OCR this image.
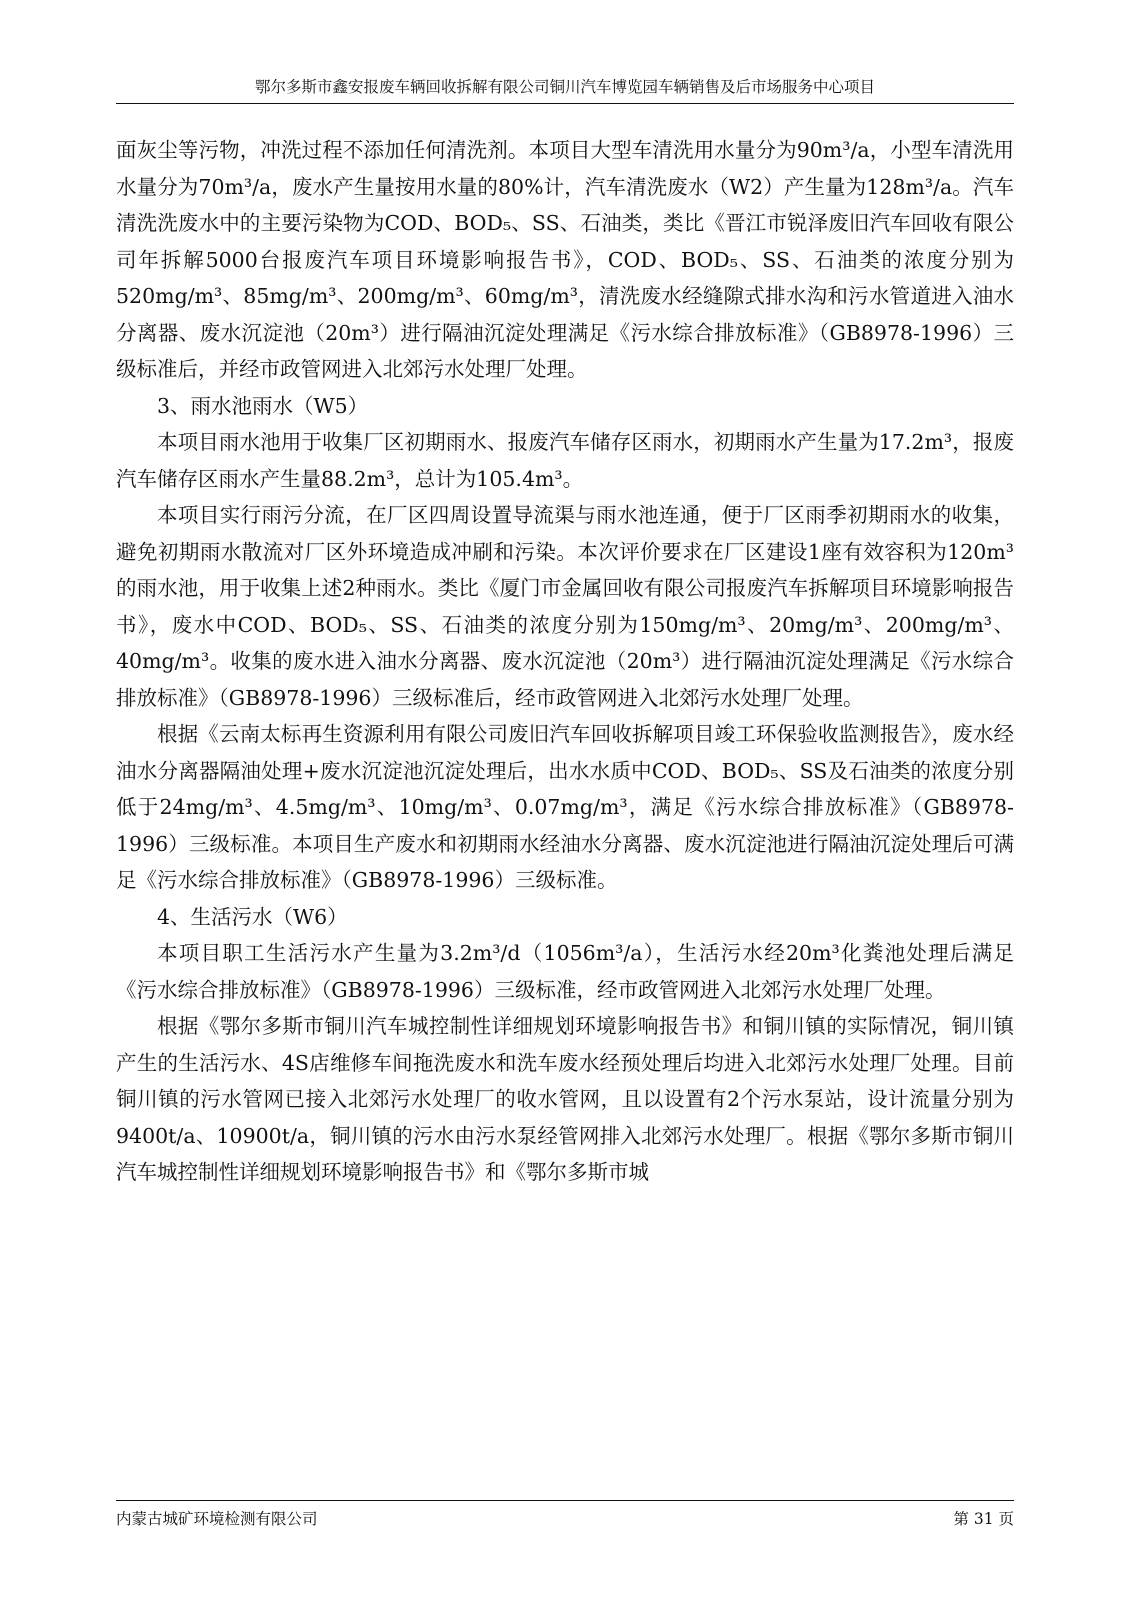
鄂尔多斯市鑫安报废车辆回收拆解有限公司铜川汽车博览园车辆销售及后市场服务中心项目

面灰尘等污物，冲洗过程不添加任何清洗剂。本项目大型车清洗用水量分为90m³/a，小型车清洗用水量分为70m³/a，废水产生量按用水量的80%计，汽车清洗废水（W2）产生量为128m³/a。汽车清洗洗废水中的主要污染物为COD、BOD₅、SS、石油类，类比《晋江市锐泽废旧汽车回收有限公司年拆解5000台报废汽车项目环境影响报告书》，COD、BOD₅、SS、石油类的浓度分别为520mg/m³、85mg/m³、200mg/m³、60mg/m³，清洗废水经缝隙式排水沟和污水管道进入油水分离器、废水沉淀池（20m³）进行隔油沉淀处理满足《污水综合排放标准》（GB8978-1996）三级标准后，并经市政管网进入北郊污水处理厂处理。

3、雨水池雨水（W5）

本项目雨水池用于收集厂区初期雨水、报废汽车储存区雨水，初期雨水产生量为17.2m³，报废汽车储存区雨水产生量88.2m³，总计为105.4m³。

本项目实行雨污分流，在厂区四周设置导流渠与雨水池连通，便于厂区雨季初期雨水的收集，避免初期雨水散流对厂区外环境造成冲刷和污染。本次评价要求在厂区建设1座有效容积为120m³的雨水池，用于收集上述2种雨水。类比《厦门市金属回收有限公司报废汽车拆解项目环境影响报告书》，废水中COD、BOD₅、SS、石油类的浓度分别为150mg/m³、20mg/m³、200mg/m³、40mg/m³。收集的废水进入油水分离器、废水沉淀池（20m³）进行隔油沉淀处理满足《污水综合排放标准》（GB8978-1996）三级标准后，经市政管网进入北郊污水处理厂处理。

根据《云南太标再生资源利用有限公司废旧汽车回收拆解项目竣工环保验收监测报告》，废水经油水分离器隔油处理+废水沉淀池沉淀处理后，出水水质中COD、BOD₅、SS及石油类的浓度分别低于24mg/m³、4.5mg/m³、10mg/m³、0.07mg/m³，满足《污水综合排放标准》（GB8978-1996）三级标准。本项目生产废水和初期雨水经油水分离器、废水沉淀池进行隔油沉淀处理后可满足《污水综合排放标准》（GB8978-1996）三级标准。

4、生活污水（W6）

本项目职工生活污水产生量为3.2m³/d（1056m³/a），生活污水经20m³化粪池处理后满足《污水综合排放标准》（GB8978-1996）三级标准，经市政管网进入北郊污水处理厂处理。

根据《鄂尔多斯市铜川汽车城控制性详细规划环境影响报告书》和铜川镇的实际情况，铜川镇产生的生活污水、4S店维修车间拖洗废水和洗车废水经预处理后均进入北郊污水处理厂处理。目前铜川镇的污水管网已接入北郊污水处理厂的收水管网，且以设置有2个污水泵站，设计流量分别为9400t/a、10900t/a，铜川镇的污水由污水泵经管网排入北郊污水处理厂。根据《鄂尔多斯市铜川汽车城控制性详细规划环境影响报告书》和《鄂尔多斯市城

内蒙古城矿环境检测有限公司	第 31 页
